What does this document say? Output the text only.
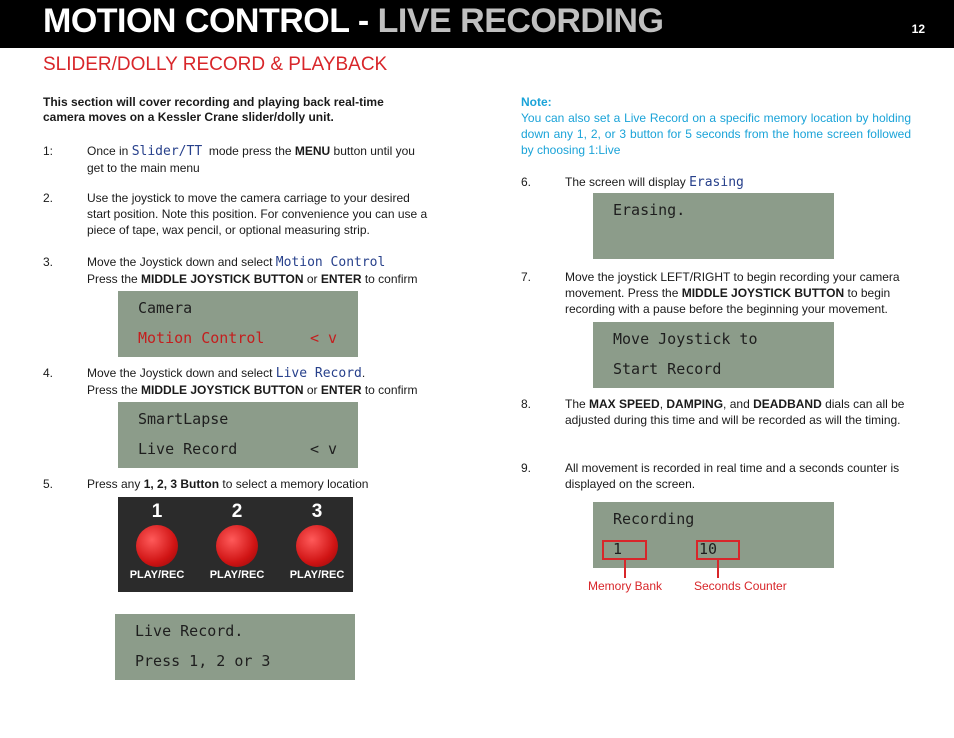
MOTION CONTROL - LIVE RECORDING	12
SLIDER/DOLLY RECORD & PLAYBACK
This section will cover recording and playing back real-time camera moves on a Kessler Crane slider/dolly unit.
1:	Once in Slider/TT  mode press the MENU button until you get to the main menu
2.	Use the joystick to move the camera carriage to your desired start position. Note this position. For convenience you can use a piece of tape, wax pencil, or optional measuring strip.
3.	Move the Joystick down and select Motion Control
Press the MIDDLE JOYSTICK BUTTON or ENTER to confirm
Camera
Motion Control	< v
4.	Move the Joystick down and select Live Record.
Press the MIDDLE JOYSTICK BUTTON or ENTER to confirm
SmartLapse
Live Record	< v
5.	Press any 1, 2, 3 Button to select a memory location
1
PLAY/REC
2
PLAY/REC
3
PLAY/REC
Live Record.
Press 1, 2 or 3
Note:
You can also set a Live Record on a specific memory location by holding down any 1, 2, or 3 button for 5 seconds from the home screen followed by choosing 1:Live
6.	The screen will display Erasing
Erasing.
7.	Move the joystick LEFT/RIGHT to begin recording your camera movement. Press the MIDDLE JOYSTICK BUTTON to begin recording with a pause before the beginning your movement.
Move Joystick to
Start Record
8.	The MAX SPEED, DAMPING, and DEADBAND dials can all be adjusted during this time and will be recorded as will the timing.
9.	All movement is recorded in real time and a seconds counter is displayed on the screen.
Recording
1	10
Memory Bank	Seconds Counter
